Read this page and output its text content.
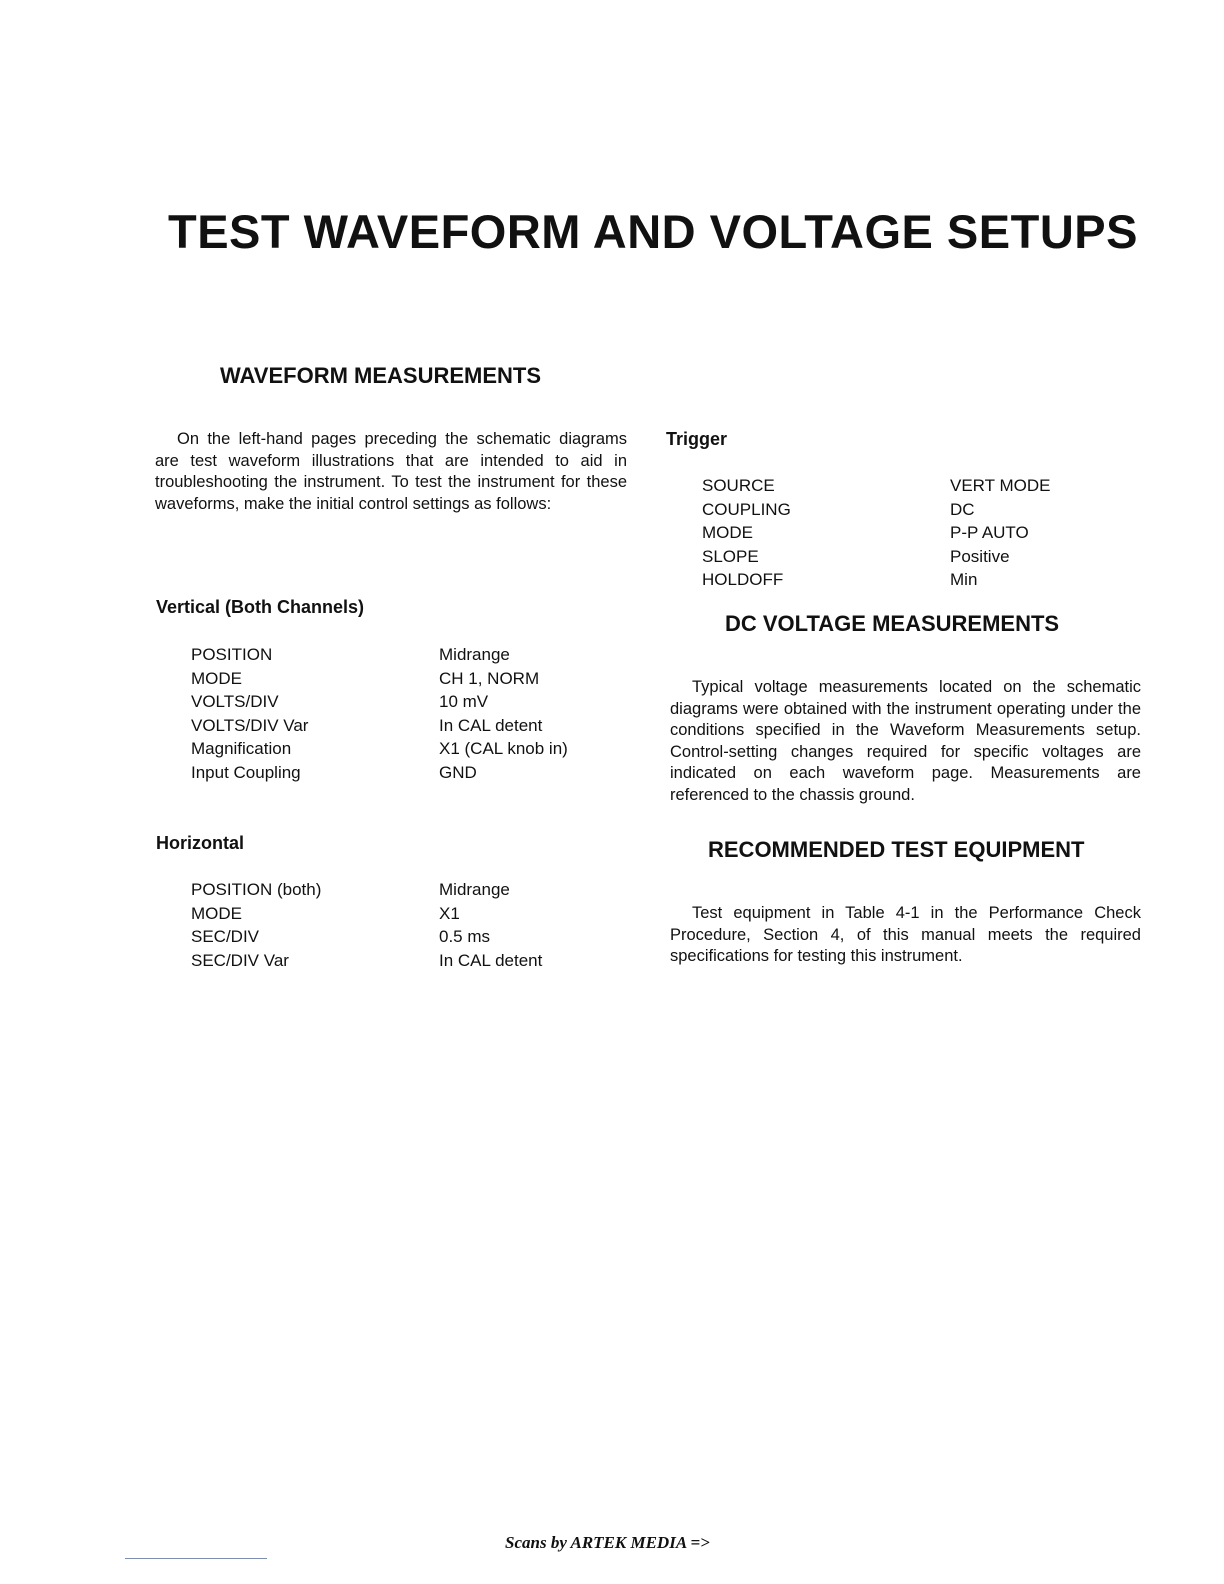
TEST WAVEFORM AND VOLTAGE SETUPS
WAVEFORM MEASUREMENTS

On the left-hand pages preceding the schematic diagrams are test waveform illustrations that are intended to aid in troubleshooting the instrument. To test the instrument for these waveforms, make the initial control settings as follows:

Vertical (Both Channels)
POSITION	Midrange
MODE	CH 1, NORM
VOLTS/DIV	10 mV
VOLTS/DIV Var	In CAL detent
Magnification	X1 (CAL knob in)
Input Coupling	GND
Horizontal
POSITION (both)	Midrange
MODE	X1
SEC/DIV	0.5 ms
SEC/DIV Var	In CAL detent
Trigger
SOURCE	VERT MODE
COUPLING	DC
MODE	P-P AUTO
SLOPE	Positive
HOLDOFF	Min
DC VOLTAGE MEASUREMENTS

Typical voltage measurements located on the schematic diagrams were obtained with the instrument operating under the conditions specified in the Waveform Measurements setup. Control-setting changes required for specific voltages are indicated on each waveform page. Measurements are referenced to the chassis ground.

RECOMMENDED TEST EQUIPMENT

Test equipment in Table 4-1 in the Performance Check Procedure, Section 4, of this manual meets the required specifications for testing this instrument.

Scans by ARTEK MEDIA =>
